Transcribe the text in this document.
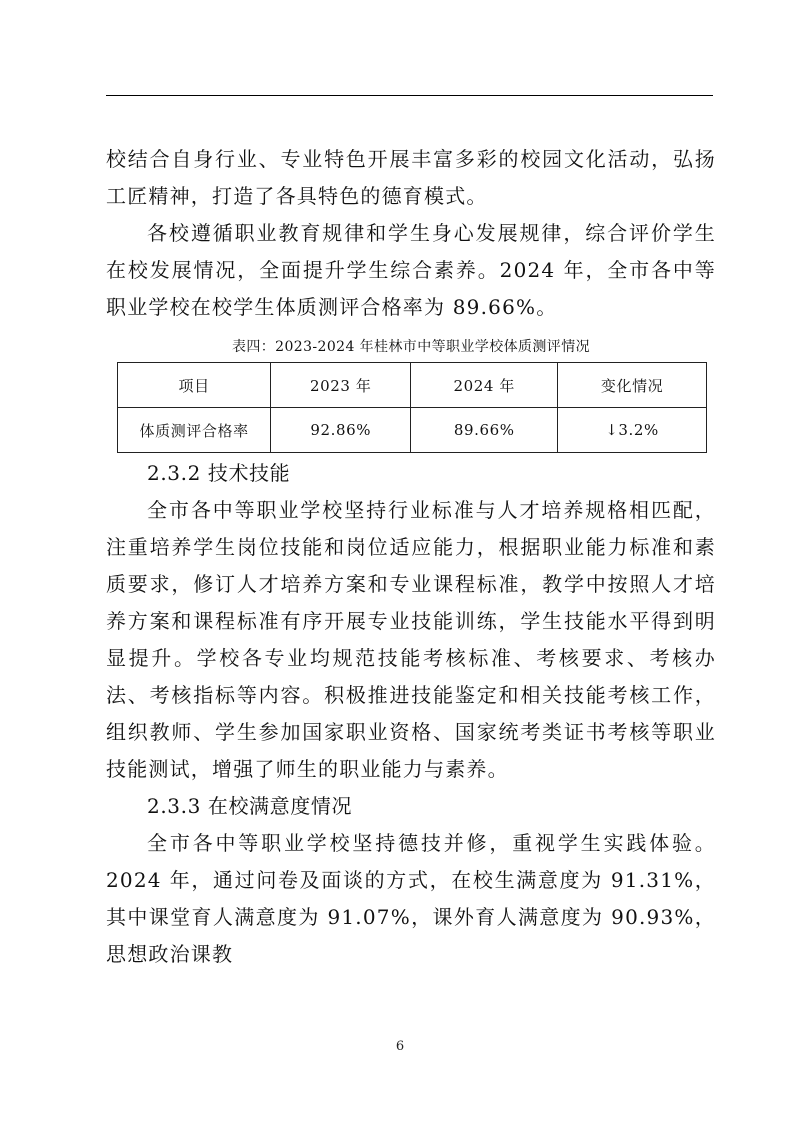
校结合自身行业、专业特色开展丰富多彩的校园文化活动，弘扬工匠精神，打造了各具特色的德育模式。

各校遵循职业教育规律和学生身心发展规律，综合评价学生在校发展情况，全面提升学生综合素养。2024 年，全市各中等职业学校在校学生体质测评合格率为 89.66%。

表四：2023-2024 年桂林市中等职业学校体质测评情况
项目	2023 年	2024 年	变化情况
体质测评合格率	92.86%	89.66%	↓3.2%
2.3.2 技术技能

全市各中等职业学校坚持行业标准与人才培养规格相匹配，注重培养学生岗位技能和岗位适应能力，根据职业能力标准和素质要求，修订人才培养方案和专业课程标准，教学中按照人才培养方案和课程标准有序开展专业技能训练，学生技能水平得到明显提升。学校各专业均规范技能考核标准、考核要求、考核办法、考核指标等内容。积极推进技能鉴定和相关技能考核工作，组织教师、学生参加国家职业资格、国家统考类证书考核等职业技能测试，增强了师生的职业能力与素养。

2.3.3 在校满意度情况

全市各中等职业学校坚持德技并修，重视学生实践体验。2024 年，通过问卷及面谈的方式，在校生满意度为 91.31%，其中课堂育人满意度为 91.07%，课外育人满意度为 90.93%，思想政治课教

6
